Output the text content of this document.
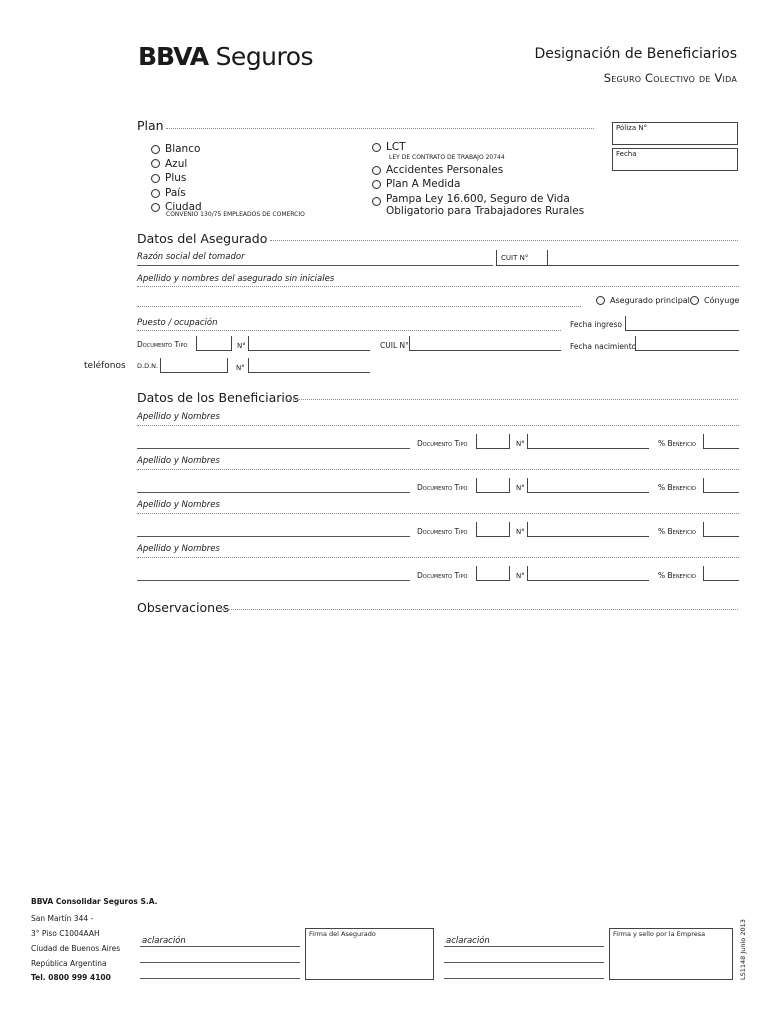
BBVA Seguros	Designación de Beneficiarios
Seguro Colectivo de Vida
Plan	Póliza N°
Fecha
Blanco
Azul
Plus
País
Ciudad
CONVENIO 130/75 EMPLEADOS DE COMERCIO
LCT
LEY DE CONTRATO DE TRABAJO 20744
Accidentes Personales
Plan A Medida
Pampa Ley 16.600, Seguro de Vida
Obligatorio para Trabajadores Rurales
Datos del Asegurado
Razón social del tomador	CUIT N°
Apellido y nombres del asegurado sin iniciales
Asegurado principal Cónyuge
Puesto / ocupación	Fecha ingreso
Documento Tipo	N°	CUIL N°	Fecha nacimiento
teléfonos D.D.N.	N°
Datos de los Beneficiarios
Apellido y Nombres
Documento Tipo	N°	% Beneficio
Apellido y Nombres
Documento Tipo	N°	% Beneficio
Apellido y Nombres
Documento Tipo	N°	% Beneficio
Apellido y Nombres
Documento Tipo	N°	% Beneficio
Observaciones
BBVA Consolidar Seguros S.A.
San Martín 344 -
3° Piso C1004AAH
Ciudad de Buenos Aires
República Argentina
Tel. 0800 999 4100
aclaración
Firma del Asegurado
aclaración
Firma y sello por la Empresa	LS1148 Junio 2013
